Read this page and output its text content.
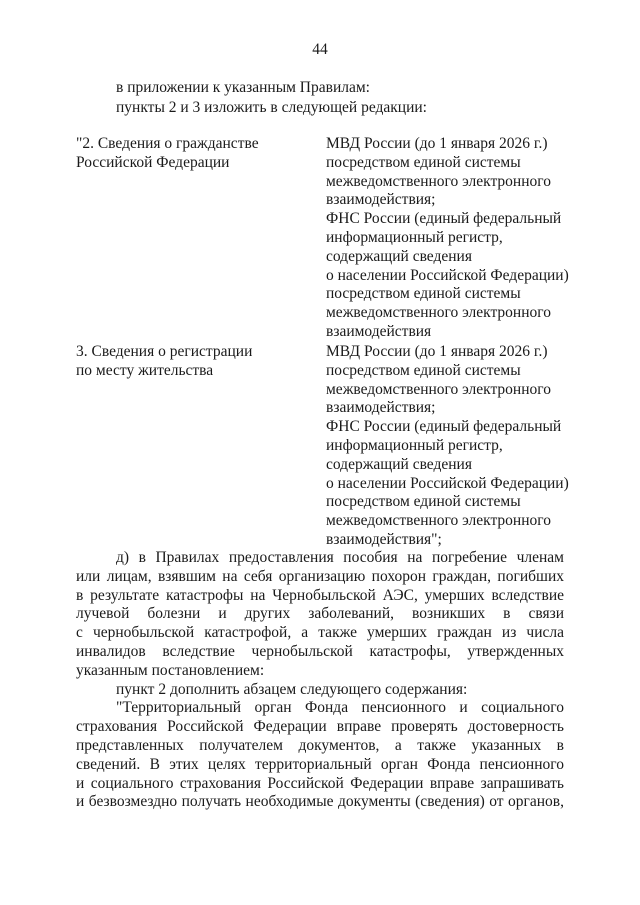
44
в приложении к указанным Правилам:
пункты 2 и 3 изложить в следующей редакции:
"2. Сведения о гражданстве
Российской Федерации
МВД России (до 1 января 2026 г.)
посредством единой системы
межведомственного электронного
взаимодействия;
ФНС России (единый федеральный
информационный регистр,
содержащий сведения
о населении Российской Федерации)
посредством единой системы
межведомственного электронного
взаимодействия
3. Сведения о регистрации
по месту жительства
МВД России (до 1 января 2026 г.)
посредством единой системы
межведомственного электронного
взаимодействия;
ФНС России (единый федеральный
информационный регистр,
содержащий сведения
о населении Российской Федерации)
посредством единой системы
межведомственного электронного
взаимодействия";
д) в Правилах предоставления пособия на погребение членам
или лицам, взявшим на себя организацию похорон граждан, погибших
в результате катастрофы на Чернобыльской АЭС, умерших вследствие
лучевой болезни и других заболеваний, возникших в связи
с чернобыльской катастрофой, а также умерших граждан из числа
инвалидов вследствие чернобыльской катастрофы, утвержденных
указанным постановлением:
пункт 2 дополнить абзацем следующего содержания:
"Территориальный орган Фонда пенсионного и социального
страхования Российской Федерации вправе проверять достоверность
представленных получателем документов, а также указанных в
сведений. В этих целях территориальный орган Фонда пенсионного
и социального страхования Российской Федерации вправе запрашивать
и безвозмездно получать необходимые документы (сведения) от органов,
